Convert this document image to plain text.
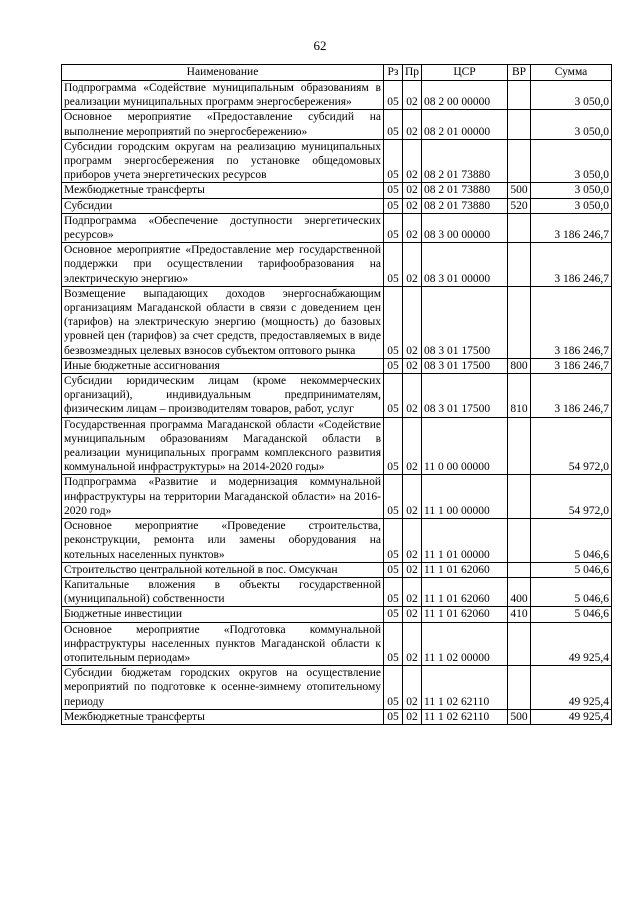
62
Наименование	Рз	Пр	ЦСР	ВР	Сумма
Подпрограмма «Содействие муниципальным образованиям в реализации муниципальных программ энергосбережения»	05	02	08 2 00 00000		3 050,0
Основное мероприятие «Предоставление субсидий на выполнение мероприятий по энергосбережению»	05	02	08 2 01 00000		3 050,0
Субсидии городским округам на реализацию муниципальных программ энергосбережения по установке общедомовых приборов учета энергетических ресурсов	05	02	08 2 01 73880		3 050,0
Межбюджетные трансферты	05	02	08 2 01 73880	500	3 050,0
Субсидии	05	02	08 2 01 73880	520	3 050,0
Подпрограмма «Обеспечение доступности энергетических ресурсов»	05	02	08 3 00 00000		3 186 246,7
Основное мероприятие «Предоставление мер государственной поддержки при осуществлении тарифообразования на электрическую энергию»	05	02	08 3 01 00000		3 186 246,7
Возмещение выпадающих доходов энергоснабжающим организациям Магаданской области в связи с доведением цен (тарифов) на электрическую энергию (мощность) до базовых уровней цен (тарифов) за счет средств, предоставляемых в виде безвозмездных целевых взносов субъектом оптового рынка	05	02	08 3 01 17500		3 186 246,7
Иные бюджетные ассигнования	05	02	08 3 01 17500	800	3 186 246,7
Субсидии юридическим лицам (кроме некоммерческих организаций), индивидуальным предпринимателям, физическим лицам – производителям товаров, работ, услуг	05	02	08 3 01 17500	810	3 186 246,7
Государственная программа Магаданской области «Содействие муниципальным образованиям Магаданской области в реализации муниципальных программ комплексного развития коммунальной инфраструктуры» на 2014-2020 годы»	05	02	11 0 00 00000		54 972,0
Подпрограмма «Развитие и модернизация коммунальной инфраструктуры на территории Магаданской области» на 2016-2020 год»	05	02	11 1 00 00000		54 972,0
Основное мероприятие «Проведение строительства, реконструкции, ремонта или замены оборудования на котельных населенных пунктов»	05	02	11 1 01 00000		5 046,6
Строительство центральной котельной в пос. Омсукчан	05	02	11 1 01 62060		5 046,6
Капитальные вложения в объекты государственной (муниципальной) собственности	05	02	11 1 01 62060	400	5 046,6
Бюджетные инвестиции	05	02	11 1 01 62060	410	5 046,6
Основное мероприятие «Подготовка коммунальной инфраструктуры населенных пунктов Магаданской области к отопительным периодам»	05	02	11 1 02 00000		49 925,4
Субсидии бюджетам городских округов на осуществление мероприятий по подготовке к осенне-зимнему отопительному периоду	05	02	11 1 02 62110		49 925,4
Межбюджетные трансферты	05	02	11 1 02 62110	500	49 925,4
